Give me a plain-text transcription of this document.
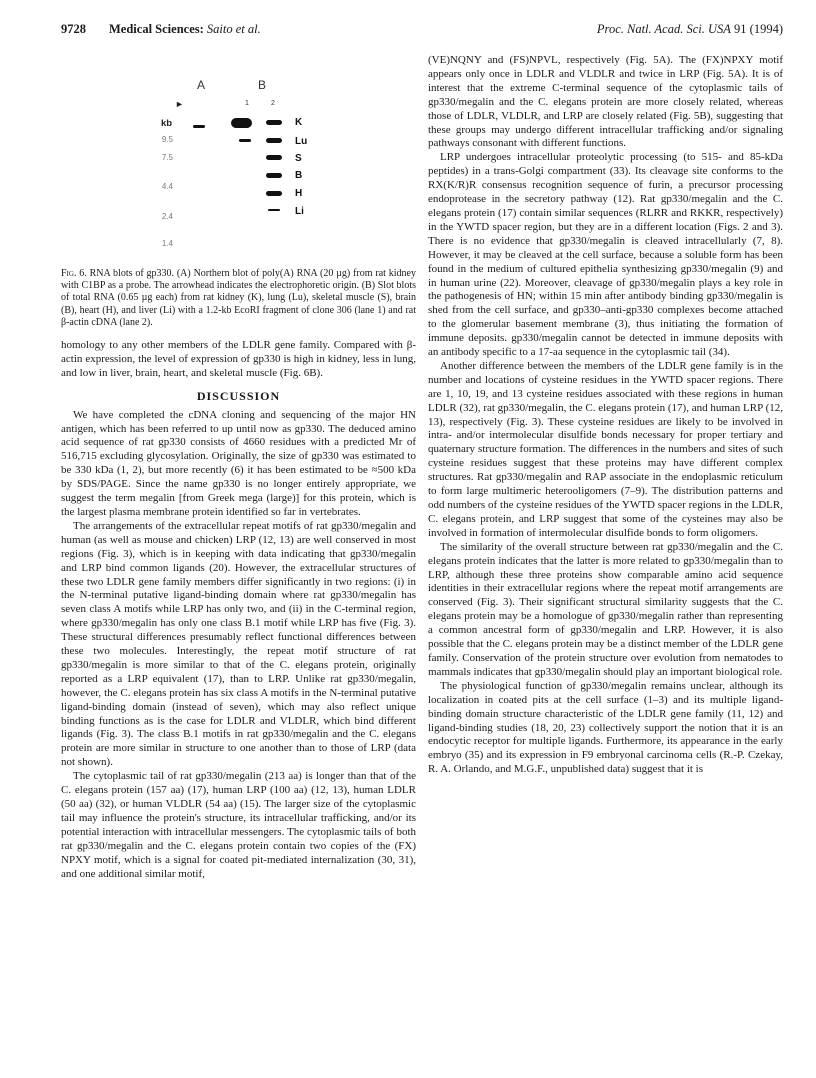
9728 Medical Sciences: Saito et al.	Proc. Natl. Acad. Sci. USA 91 (1994)
A	B
1	2
►
kb
9.5
7.5
4.4
2.4
1.4
K
Lu
S
B
H
Li
Fig. 6. RNA blots of gp330. (A) Northern blot of poly(A) RNA (20 µg) from rat kidney with C1BP as a probe. The arrowhead indicates the electrophoretic origin. (B) Slot blots of total RNA (0.65 µg each) from rat kidney (K), lung (Lu), skeletal muscle (S), brain (B), heart (H), and liver (Li) with a 1.2-kb EcoRI fragment of clone 306 (lane 1) and rat β-actin cDNA (lane 2).

homology to any other members of the LDLR gene family. Compared with β-actin expression, the level of expression of gp330 is high in kidney, less in lung, and low in liver, brain, heart, and skeletal muscle (Fig. 6B).

DISCUSSION

We have completed the cDNA cloning and sequencing of the major HN antigen, which has been referred to up until now as gp330. The deduced amino acid sequence of rat gp330 consists of 4660 residues with a predicted Mr of 516,715 excluding glycosylation. Originally, the size of gp330 was estimated to be 330 kDa (1, 2), but more recently (6) it has been estimated to be ≈500 kDa by SDS/PAGE. Since the name gp330 is no longer entirely appropriate, we suggest the term megalin [from Greek mega (large)] for this protein, which is the largest plasma membrane protein identified so far in vertebrates.

The arrangements of the extracellular repeat motifs of rat gp330/megalin and human (as well as mouse and chicken) LRP (12, 13) are well conserved in most regions (Fig. 3), which is in keeping with data indicating that gp330/megalin and LRP bind common ligands (20). However, the extracellular structures of these two LDLR gene family members differ significantly in two regions: (i) in the N-terminal putative ligand-binding domain where rat gp330/megalin has seven class A motifs while LRP has only two, and (ii) in the C-terminal region, where gp330/megalin has only one class B.1 motif while LRP has five (Fig. 3). These structural differences presumably reflect functional differences between these two molecules. Interestingly, the repeat motif structure of rat gp330/megalin is more similar to that of the C. elegans protein, originally reported as a LRP equivalent (17), than to LRP. Unlike rat gp330/megalin, however, the C. elegans protein has six class A motifs in the N-terminal putative ligand-binding domain (instead of seven), which may also reflect unique binding functions as is the case for LDLR and VLDLR, which bind different ligands (Fig. 3). The class B.1 motifs in rat gp330/megalin and the C. elegans protein are more similar in structure to one another than to those of LRP (data not shown).

The cytoplasmic tail of rat gp330/megalin (213 aa) is longer than that of the C. elegans protein (157 aa) (17), human LRP (100 aa) (12, 13), human LDLR (50 aa) (32), or human VLDLR (54 aa) (15). The larger size of the cytoplasmic tail may influence the protein's structure, its intracellular trafficking, and/or its potential interaction with intracellular messengers. The cytoplasmic tails of both rat gp330/megalin and the C. elegans protein contain two copies of the (FX) NPXY motif, which is a signal for coated pit-mediated internalization (30, 31), and one additional similar motif,

(VE)NQNY and (FS)NPVL, respectively (Fig. 5A). The (FX)NPXY motif appears only once in LDLR and VLDLR and twice in LRP (Fig. 5A). It is of interest that the extreme C-terminal sequence of the cytoplasmic tails of gp330/megalin and the C. elegans protein are more closely related, whereas those of LDLR, VLDLR, and LRP are closely related (Fig. 5B), suggesting that these groups may undergo different intracellular trafficking and/or signaling pathways consonant with different functions.

LRP undergoes intracellular proteolytic processing (to 515- and 85-kDa peptides) in a trans-Golgi compartment (33). Its cleavage site conforms to the RX(K/R)R consensus recognition sequence of furin, a precursor processing endoprotease in the secretory pathway (12). Rat gp330/megalin and the C. elegans protein (17) contain similar sequences (RLRR and RKKR, respectively) in the YWTD spacer region, but they are in a different location (Figs. 2 and 3). There is no evidence that gp330/megalin is cleaved intracellularly (7, 8). However, it may be cleaved at the cell surface, because a soluble form has been found in the medium of cultured epithelia synthesizing gp330/megalin (9) and in human urine (22). Moreover, cleavage of gp330/megalin plays a key role in the pathogenesis of HN; within 15 min after antibody binding gp330/megalin is shed from the cell surface, and gp330–anti-gp330 complexes become attached to the glomerular basement membrane (3), thus initiating the formation of immune deposits. gp330/megalin cannot be detected in immune deposits with an antibody specific to a 17-aa sequence in the cytoplasmic tail (34).

Another difference between the members of the LDLR gene family is in the number and locations of cysteine residues in the YWTD spacer regions. There are 1, 10, 19, and 13 cysteine residues associated with these regions in human LDLR (32), rat gp330/megalin, the C. elegans protein (17), and human LRP (12, 13), respectively (Fig. 3). These cysteine residues are likely to be involved in intra- and/or intermolecular disulfide bonds necessary for proper tertiary and quaternary structure formation. The differences in the numbers and sites of such cysteine residues suggest that these proteins may have different complex structures. Rat gp330/megalin and RAP associate in the endoplasmic reticulum to form large multimeric heterooligomers (7–9). The distribution patterns and odd numbers of the cysteine residues of the YWTD spacer regions in the LDLR, C. elegans protein, and LRP suggest that some of the cysteines may also be involved in formation of intermolecular disulfide bonds to form oligomers.

The similarity of the overall structure between rat gp330/megalin and the C. elegans protein indicates that the latter is more related to gp330/megalin than to LRP, although these three proteins show comparable amino acid sequence identities in their extracellular regions where the repeat motif arrangements are conserved (Fig. 3). Their significant structural similarity suggests that the C. elegans protein may be a homologue of gp330/megalin rather than representing a common ancestral form of gp330/megalin and LRP. However, it is also possible that the C. elegans protein may be a distinct member of the LDLR gene family. Conservation of the protein structure over evolution from nematodes to mammals indicates that gp330/megalin should play an important biological role.

The physiological function of gp330/megalin remains unclear, although its localization in coated pits at the cell surface (1–3) and its multiple ligand-binding domain structure characteristic of the LDLR gene family (11, 12) and ligand-binding studies (18, 20, 23) collectively support the notion that it is an endocytic receptor for multiple ligands. Furthermore, its appearance in the early embryo (35) and its expression in F9 embryonal carcinoma cells (R.-P. Czekay, R. A. Orlando, and M.G.F., unpublished data) suggest that it is
